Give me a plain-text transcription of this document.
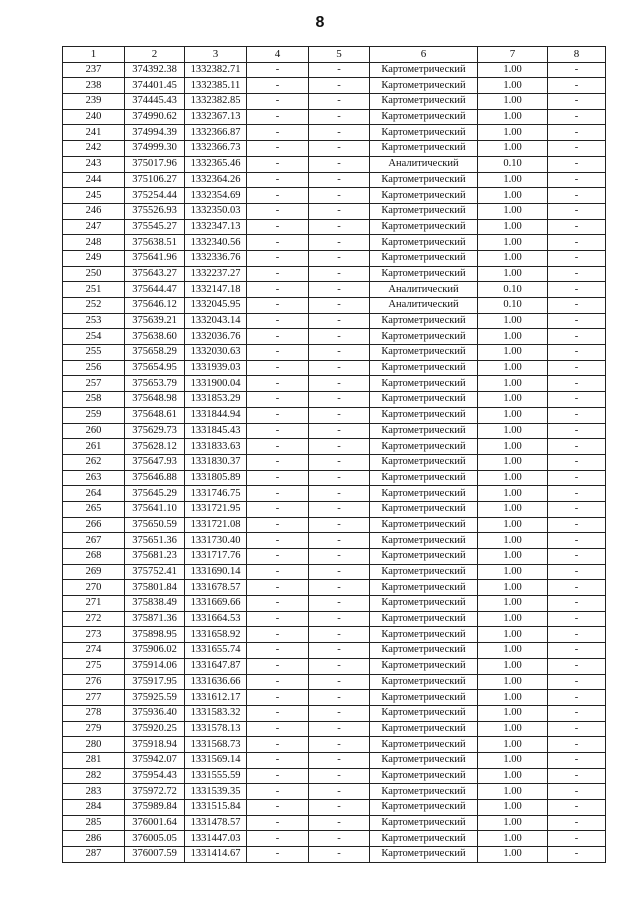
8
1	2	3	4	5	6	7	8
237	374392.38	1332382.71	-	-	Картометрический	1.00	-
238	374401.45	1332385.11	-	-	Картометрический	1.00	-
239	374445.43	1332382.85	-	-	Картометрический	1.00	-
240	374990.62	1332367.13	-	-	Картометрический	1.00	-
241	374994.39	1332366.87	-	-	Картометрический	1.00	-
242	374999.30	1332366.73	-	-	Картометрический	1.00	-
243	375017.96	1332365.46	-	-	Аналитический	0.10	-
244	375106.27	1332364.26	-	-	Картометрический	1.00	-
245	375254.44	1332354.69	-	-	Картометрический	1.00	-
246	375526.93	1332350.03	-	-	Картометрический	1.00	-
247	375545.27	1332347.13	-	-	Картометрический	1.00	-
248	375638.51	1332340.56	-	-	Картометрический	1.00	-
249	375641.96	1332336.76	-	-	Картометрический	1.00	-
250	375643.27	1332237.27	-	-	Картометрический	1.00	-
251	375644.47	1332147.18	-	-	Аналитический	0.10	-
252	375646.12	1332045.95	-	-	Аналитический	0.10	-
253	375639.21	1332043.14	-	-	Картометрический	1.00	-
254	375638.60	1332036.76	-	-	Картометрический	1.00	-
255	375658.29	1332030.63	-	-	Картометрический	1.00	-
256	375654.95	1331939.03	-	-	Картометрический	1.00	-
257	375653.79	1331900.04	-	-	Картометрический	1.00	-
258	375648.98	1331853.29	-	-	Картометрический	1.00	-
259	375648.61	1331844.94	-	-	Картометрический	1.00	-
260	375629.73	1331845.43	-	-	Картометрический	1.00	-
261	375628.12	1331833.63	-	-	Картометрический	1.00	-
262	375647.93	1331830.37	-	-	Картометрический	1.00	-
263	375646.88	1331805.89	-	-	Картометрический	1.00	-
264	375645.29	1331746.75	-	-	Картометрический	1.00	-
265	375641.10	1331721.95	-	-	Картометрический	1.00	-
266	375650.59	1331721.08	-	-	Картометрический	1.00	-
267	375651.36	1331730.40	-	-	Картометрический	1.00	-
268	375681.23	1331717.76	-	-	Картометрический	1.00	-
269	375752.41	1331690.14	-	-	Картометрический	1.00	-
270	375801.84	1331678.57	-	-	Картометрический	1.00	-
271	375838.49	1331669.66	-	-	Картометрический	1.00	-
272	375871.36	1331664.53	-	-	Картометрический	1.00	-
273	375898.95	1331658.92	-	-	Картометрический	1.00	-
274	375906.02	1331655.74	-	-	Картометрический	1.00	-
275	375914.06	1331647.87	-	-	Картометрический	1.00	-
276	375917.95	1331636.66	-	-	Картометрический	1.00	-
277	375925.59	1331612.17	-	-	Картометрический	1.00	-
278	375936.40	1331583.32	-	-	Картометрический	1.00	-
279	375920.25	1331578.13	-	-	Картометрический	1.00	-
280	375918.94	1331568.73	-	-	Картометрический	1.00	-
281	375942.07	1331569.14	-	-	Картометрический	1.00	-
282	375954.43	1331555.59	-	-	Картометрический	1.00	-
283	375972.72	1331539.35	-	-	Картометрический	1.00	-
284	375989.84	1331515.84	-	-	Картометрический	1.00	-
285	376001.64	1331478.57	-	-	Картометрический	1.00	-
286	376005.05	1331447.03	-	-	Картометрический	1.00	-
287	376007.59	1331414.67	-	-	Картометрический	1.00	-
